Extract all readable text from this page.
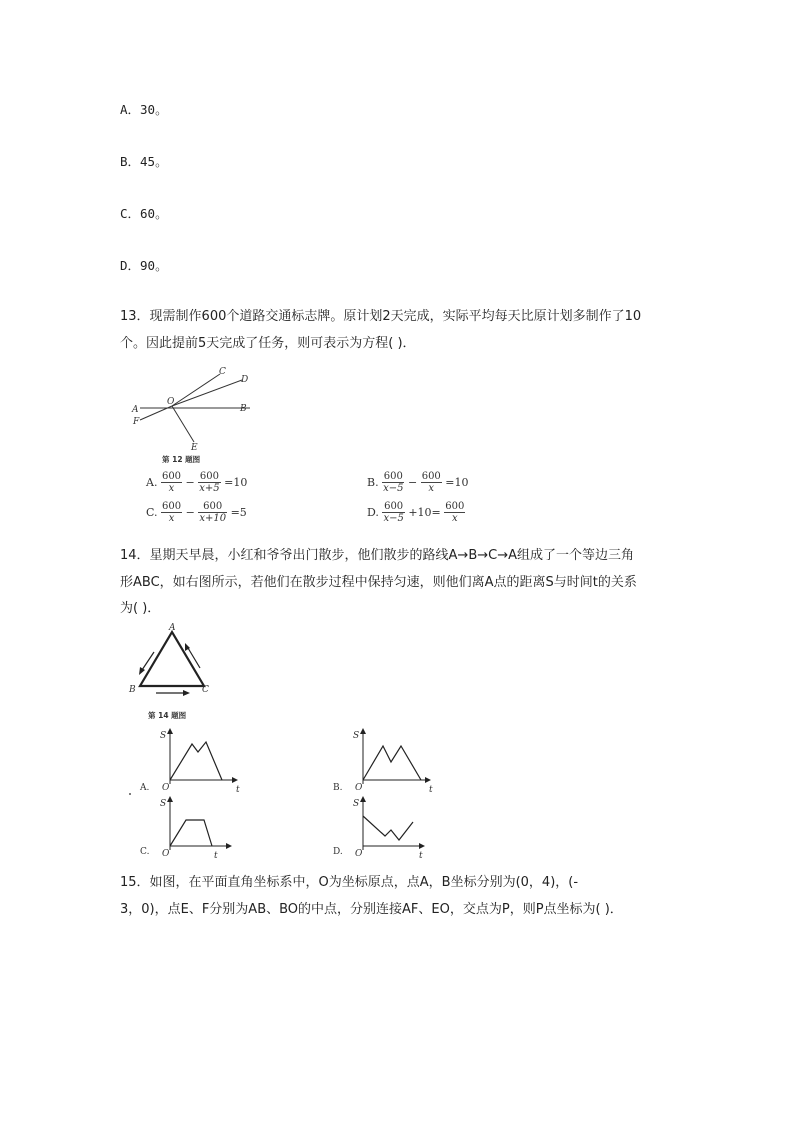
A．30。
B．45。
C．60。
D．90。
13．现需制作600个道路交通标志牌。原计划2天完成，实际平均每天比原计划多制作了10
个。因此提前5天完成了任务，则可表示为方程( )．
C
D
O
A	B
F
E
第 12 题图
A. $\frac{600}{x} - \frac{600}{x+5} =10$	B. $\frac{600}{x-5} - \frac{600}{x} =10$
C. $\frac{600}{x} - \frac{600}{x+10} =5$	D. $\frac{600}{x-5} +10= \frac{600}{x}$
14．星期天早晨，小红和爷爷出门散步，他们散步的路线A→B→C→A组成了一个等边三角
形ABC，如右图所示，若他们在散步过程中保持匀速，则他们离A点的距离S与时间t的关系
为( )．
A
B	C
第 14 题图
S
t
O
A.
S
t
O
B.
S
t
O
C.
S
t
O
D.
15．如图，在平面直角坐标系中，O为坐标原点，点A，B坐标分别为(0，4)，(-
3，0)，点E、F分别为AB、BO的中点，分别连接AF、EO，交点为P，则P点坐标为( )．
